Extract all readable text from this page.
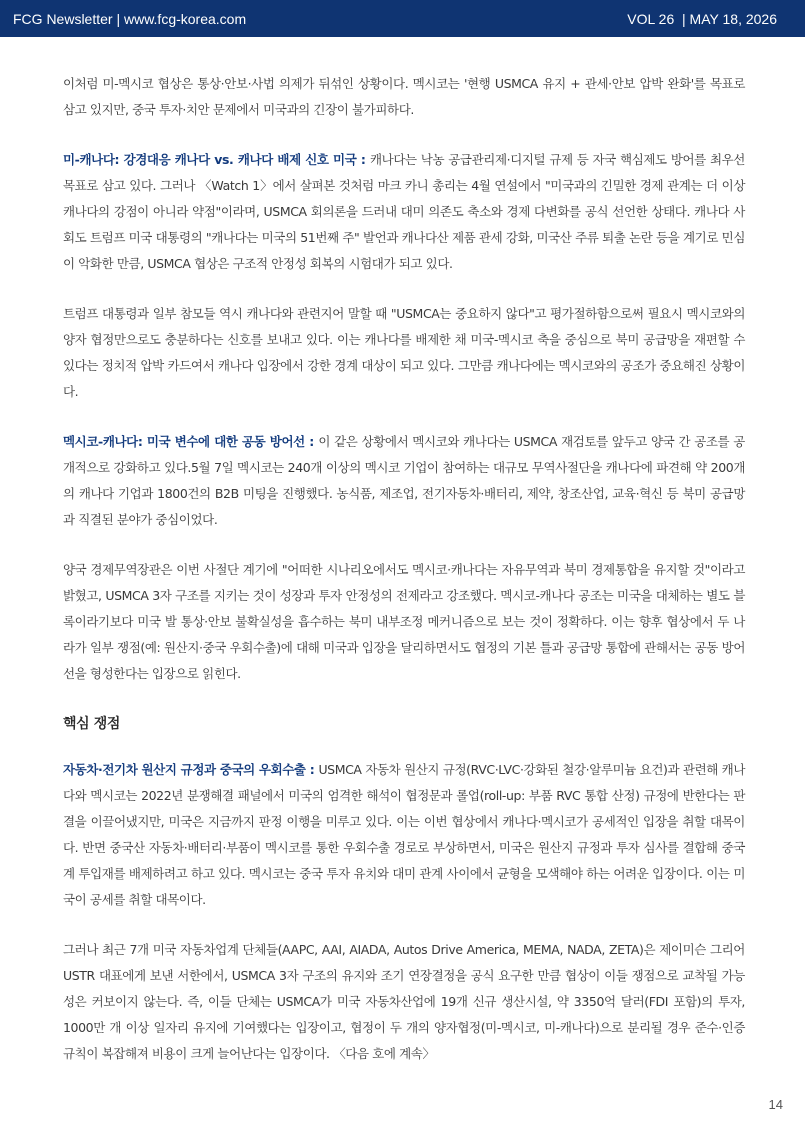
FCG Newsletter | www.fcg-korea.com	VOL 26  | MAY 18, 2026

이처럼 미-멕시코 협상은 통상·안보·사법 의제가 뒤섞인 상황이다. 멕시코는 '현행 USMCA 유지 + 관세·안보 압박 완화'를 목표로 삼고 있지만, 중국 투자·치안 문제에서 미국과의 긴장이 불가피하다.

미-캐나다: 강경대응 캐나다 vs. 캐나다 배제 신호 미국 : 캐나다는 낙농 공급관리제·디지털 규제 등 자국 핵심제도 방어를 최우선 목표로 삼고 있다. 그러나 〈Watch 1〉에서 살펴본 것처럼 마크 카니 총리는 4월 연설에서 "미국과의 긴밀한 경제 관계는 더 이상 캐나다의 강점이 아니라 약점"이라며, USMCA 회의론을 드러내 대미 의존도 축소와 경제 다변화를 공식 선언한 상태다. 캐나다 사회도 트럼프 미국 대통령의 "캐나다는 미국의 51번째 주" 발언과 캐나다산 제품 관세 강화, 미국산 주류 퇴출 논란 등을 계기로 민심이 악화한 만큼, USMCA 협상은 구조적 안정성 회복의 시험대가 되고 있다.

트럼프 대통령과 일부 참모들 역시 캐나다와 관련지어 말할 때 "USMCA는 중요하지 않다"고 평가절하함으로써 필요시 멕시코와의 양자 협정만으로도 충분하다는 신호를 보내고 있다. 이는 캐나다를 배제한 채 미국-멕시코 축을 중심으로 북미 공급망을 재편할 수 있다는 정치적 압박 카드여서 캐나다 입장에서 강한 경계 대상이 되고 있다. 그만큼 캐나다에는 멕시코와의 공조가 중요해진 상황이다.

멕시코-캐나다: 미국 변수에 대한 공동 방어선 : 이 같은 상황에서 멕시코와 캐나다는 USMCA 재검토를 앞두고 양국 간 공조를 공개적으로 강화하고 있다.5월 7일 멕시코는 240개 이상의 멕시코 기업이 참여하는 대규모 무역사절단을 캐나다에 파견해 약 200개의 캐나다 기업과 1800건의 B2B 미팅을 진행했다. 농식품, 제조업, 전기자동차·배터리, 제약, 창조산업, 교육·혁신 등 북미 공급망과 직결된 분야가 중심이었다.

양국 경제무역장관은 이번 사절단 계기에 "어떠한 시나리오에서도 멕시코·캐나다는 자유무역과 북미 경제통합을 유지할 것"이라고 밝혔고, USMCA 3자 구조를 지키는 것이 성장과 투자 안정성의 전제라고 강조했다. 멕시코-캐나다 공조는 미국을 대체하는 별도 블록이라기보다 미국 발 통상·안보 불확실성을 흡수하는 북미 내부조정 메커니즘으로 보는 것이 정확하다. 이는 향후 협상에서 두 나라가 일부 쟁점(예: 원산지·중국 우회수출)에 대해 미국과 입장을 달리하면서도 협정의 기본 틀과 공급망 통합에 관해서는 공동 방어선을 형성한다는 입장으로 읽힌다.

핵심 쟁점

자동차·전기차 원산지 규정과 중국의 우회수출 : USMCA 자동차 원산지 규정(RVC·LVC·강화된 철강·알루미늄 요건)과 관련해 캐나다와 멕시코는 2022년 분쟁해결 패널에서 미국의 엄격한 해석이 협정문과 롤업(roll-up: 부품 RVC 통합 산정) 규정에 반한다는 판결을 이끌어냈지만, 미국은 지금까지 판정 이행을 미루고 있다. 이는 이번 협상에서 캐나다·멕시코가 공세적인 입장을 취할 대목이다. 반면 중국산 자동차·배터리·부품이 멕시코를 통한 우회수출 경로로 부상하면서, 미국은 원산지 규정과 투자 심사를 결합해 중국계 투입재를 배제하려고 하고 있다. 멕시코는 중국 투자 유치와 대미 관계 사이에서 균형을 모색해야 하는 어려운 입장이다. 이는 미국이 공세를 취할 대목이다.

그러나 최근 7개 미국 자동차업계 단체들(AAPC, AAI, AIADA, Autos Drive America, MEMA, NADA, ZETA)은 제이미슨 그리어 USTR 대표에게 보낸 서한에서, USMCA 3자 구조의 유지와 조기 연장결정을 공식 요구한 만큼 협상이 이들 쟁점으로 교착될 가능성은 커보이지 않는다. 즉, 이들 단체는 USMCA가 미국 자동차산업에 19개 신규 생산시설, 약 3350억 달러(FDI 포함)의 투자, 1000만 개 이상 일자리 유지에 기여했다는 입장이고, 협정이 두 개의 양자협정(미-멕시코, 미-캐나다)으로 분리될 경우 준수·인증 규칙이 복잡해져 비용이 크게 늘어난다는 입장이다. 〈다음 호에 계속〉

14
